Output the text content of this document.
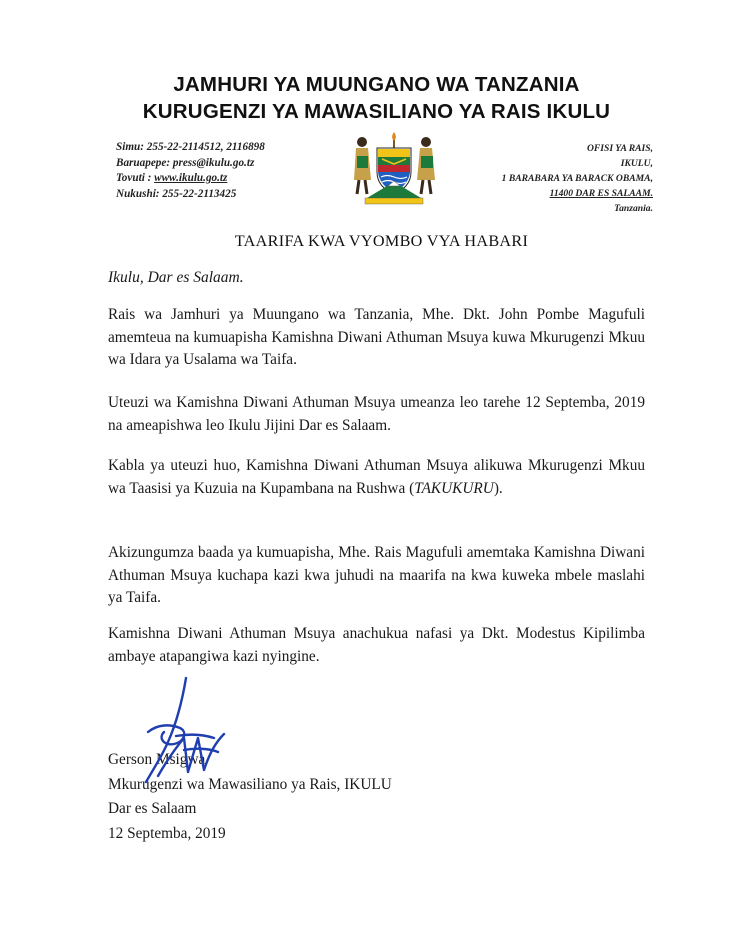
JAMHURI YA MUUNGANO WA TANZANIA
KURUGENZI YA MAWASILIANO YA RAIS IKULU
Simu: 255-22-2114512, 2116898
Baruapepe: press@ikulu.go.tz
Tovuti : www.ikulu.go.tz
Nukushi: 255-22-2113425
OFISI YA RAIS,
IKULU,
1 BARABARA YA BARACK OBAMA,
11400 DAR ES SALAAM.
Tanzania.
TAARIFA KWA VYOMBO VYA HABARI
Ikulu, Dar es Salaam.
Rais wa Jamhuri ya Muungano wa Tanzania, Mhe. Dkt. John Pombe Magufuli amemteua na kumuapisha Kamishna Diwani Athuman Msuya kuwa Mkurugenzi Mkuu wa Idara ya Usalama wa Taifa.
Uteuzi wa Kamishna Diwani Athuman Msuya umeanza leo tarehe 12 Septemba, 2019 na ameapishwa leo Ikulu Jijini Dar es Salaam.
Kabla ya uteuzi huo, Kamishna Diwani Athuman Msuya alikuwa Mkurugenzi Mkuu wa Taasisi ya Kuzuia na Kupambana na Rushwa (TAKUKURU).
Akizungumza baada ya kumuapisha, Mhe. Rais Magufuli amemtaka Kamishna Diwani Athuman Msuya kuchapa kazi kwa juhudi na maarifa na kwa kuweka mbele maslahi ya Taifa.
Kamishna Diwani Athuman Msuya anachukua nafasi ya Dkt. Modestus Kipilimba ambaye atapangiwa kazi nyingine.
Gerson Msigwa
Mkurugenzi wa Mawasiliano ya Rais, IKULU
Dar es Salaam
12 Septemba, 2019
